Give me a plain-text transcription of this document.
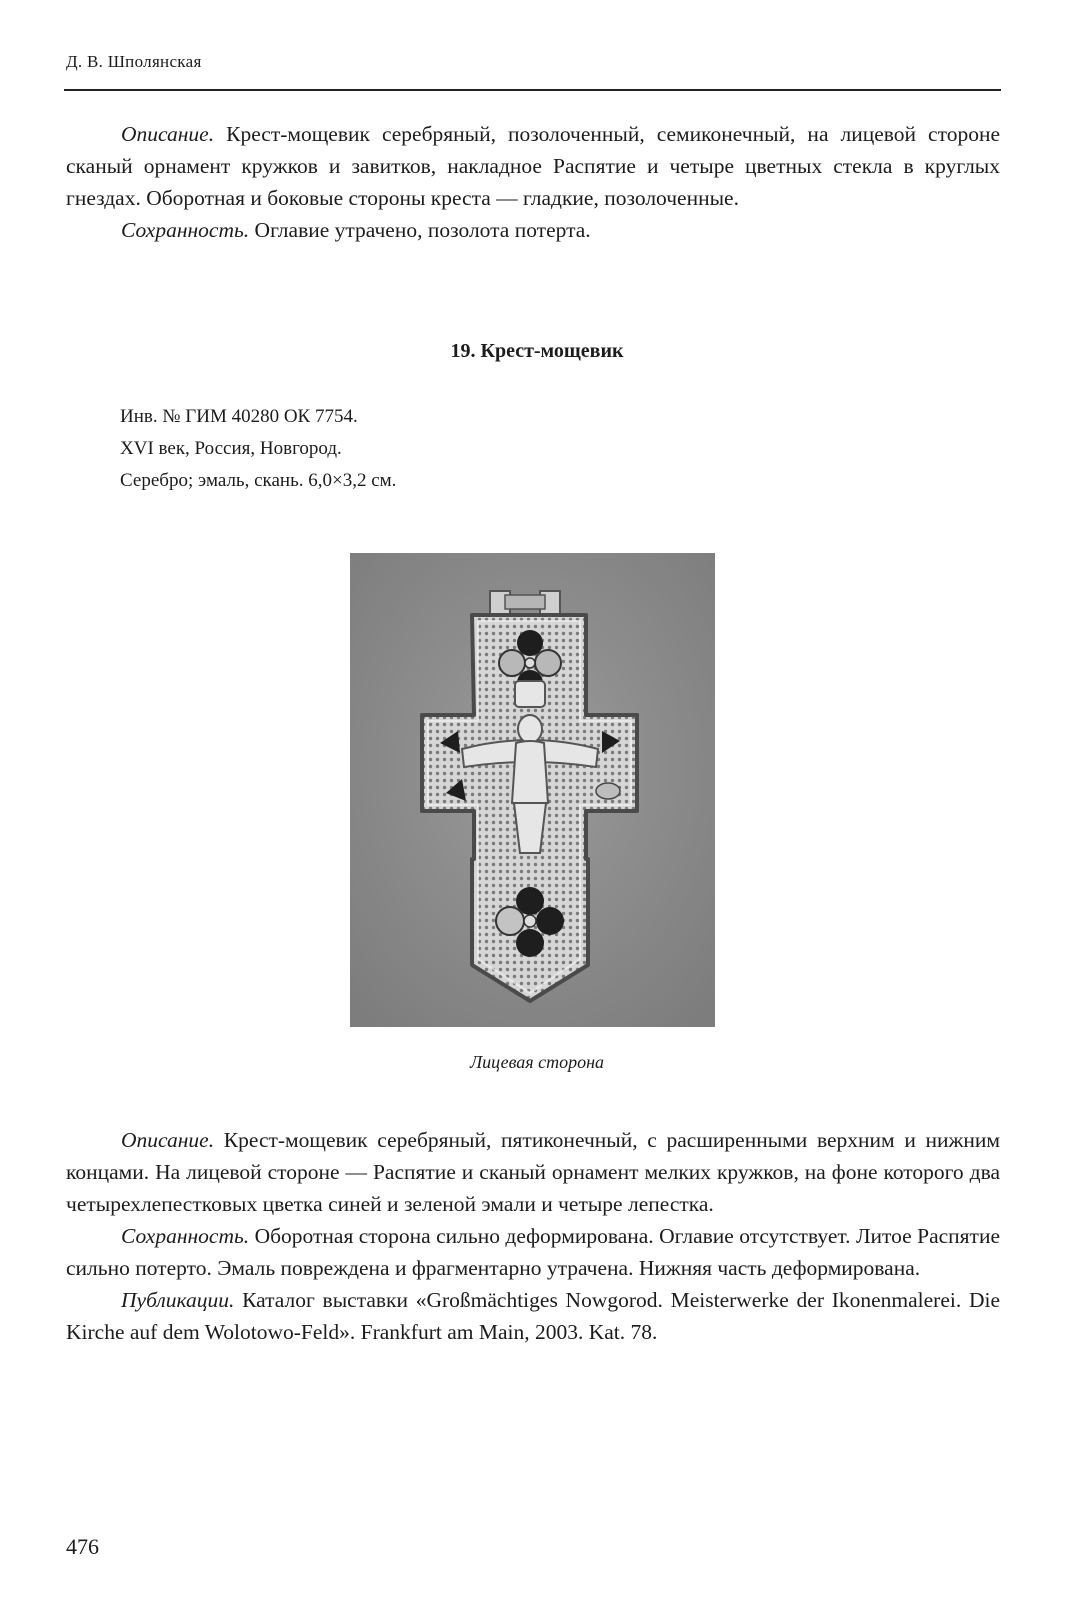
Д. В. Шполянская

Описание. Крест-мощевик серебряный, позолоченный, семиконечный, на лицевой стороне сканый орнамент кружков и завитков, накладное Распятие и четыре цветных стекла в круглых гнездах. Оборотная и боковые стороны креста — гладкие, позолоченные.

Сохранность. Оглавие утрачено, позолота потерта.

19. Крест-мощевик
Инв. № ГИМ 40280 ОК 7754.
XVI век, Россия, Новгород.
Серебро; эмаль, скань. 6,0×3,2 см.
Лицевая сторона

Описание. Крест-мощевик серебряный, пятиконечный, с расширенными верхним и нижним концами. На лицевой стороне — Распятие и сканый орнамент мелких кружков, на фоне которого два четырехлепестковых цветка синей и зеленой эмали и четыре лепестка.

Сохранность. Оборотная сторона сильно деформирована. Оглавие отсутствует. Литое Распятие сильно потерто. Эмаль повреждена и фрагментарно утрачена. Нижняя часть деформирована.

Публикации. Каталог выставки «Großmächtiges Nowgorod. Meisterwerke der Ikonenmalerei. Die Kirche auf dem Wolotowo-Feld». Frankfurt am Main, 2003. Kat. 78.

476
